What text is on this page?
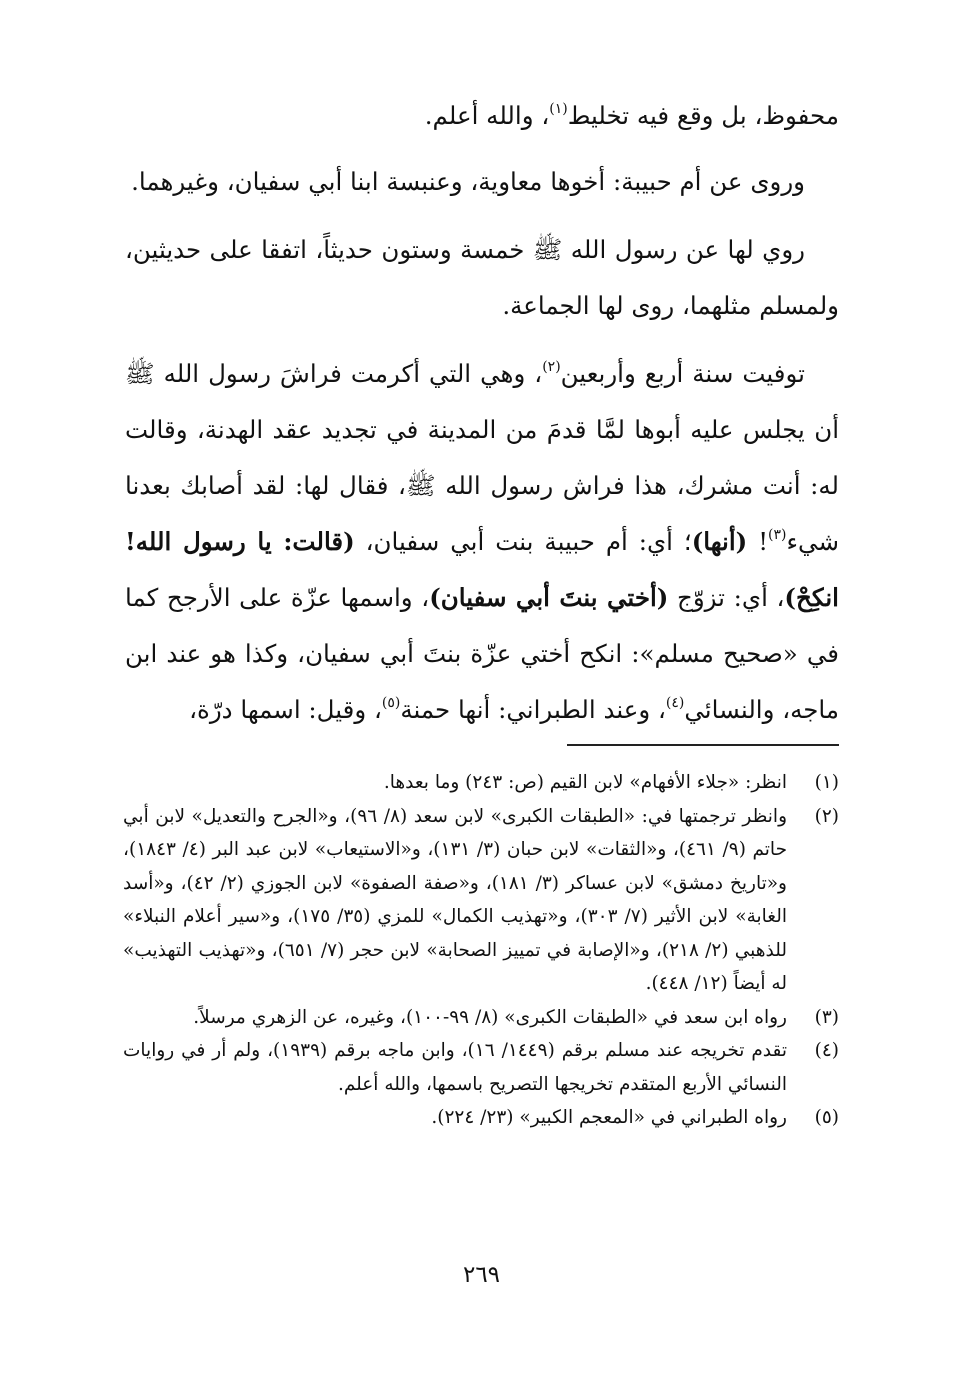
محفوظ، بل وقع فيه تخليط$^{(١)}$، والله أعلم.

وروى عن أم حبيبة: أخوها معاوية، وعنبسة ابنا أبي سفيان، وغيرهما.

روي لها عن رسول الله ﷺ خمسة وستون حديثاً، اتفقا على حديثين، ولمسلم مثلهما، روى لها الجماعة.

توفيت سنة أربع وأربعين$^{(٢)}$، وهي التي أكرمت فراشَ رسول الله ﷺ أن يجلس عليه أبوها لمَّا قدمَ من المدينة في تجديد عقد الهدنة، وقالت له: أنت مشرك، هذا فراش رسول الله ﷺ، فقال لها: لقد أصابك بعدنا شيء$^{(٣)}$! (أنها)؛ أي: أم حبيبة بنت أبي سفيان، (قالت: يا رسول الله! انكِحْ)، أي: تزوّج (أختي بنتَ أبي سفيان)، واسمها عزّة على الأرجح كما في «صحيح مسلم»: انكح أختي عزّة بنتَ أبي سفيان، وكذا هو عند ابن ماجه، والنسائي$^{(٤)}$، وعند الطبراني: أنها حمنة$^{(٥)}$، وقيل: اسمها درّة،

(١)
انظر: «جلاء الأفهام» لابن القيم (ص: ٢٤٣) وما بعدها.
(٢)
وانظر ترجمتها في: «الطبقات الكبرى» لابن سعد (٨/ ٩٦)، و«الجرح والتعديل» لابن أبي حاتم (٩/ ٤٦١)، و«الثقات» لابن حبان (٣/ ١٣١)، و«الاستيعاب» لابن عبد البر (٤/ ١٨٤٣)، و«تاريخ دمشق» لابن عساكر (٣/ ١٨١)، و«صفة الصفوة» لابن الجوزي (٢/ ٤٢)، و«أسد الغابة» لابن الأثير (٧/ ٣٠٣)، و«تهذيب الكمال» للمزي (٣٥/ ١٧٥)، و«سير أعلام النبلاء» للذهبي (٢/ ٢١٨)، و«الإصابة في تمييز الصحابة» لابن حجر (٧/ ٦٥١)، و«تهذيب التهذيب» له أيضاً (١٢/ ٤٤٨).
(٣)
رواه ابن سعد في «الطبقات الكبرى» (٨/ ٩٩-١٠٠)، وغيره، عن الزهري مرسلاً.
(٤)
تقدم تخريجه عند مسلم برقم (١٤٤٩/ ١٦)، وابن ماجه برقم (١٩٣٩)، ولم أر في روايات النسائي الأربع المتقدم تخريجها التصريح باسمها، والله أعلم.
(٥)
رواه الطبراني في «المعجم الكبير» (٢٣/ ٢٢٤).
٢٦٩
